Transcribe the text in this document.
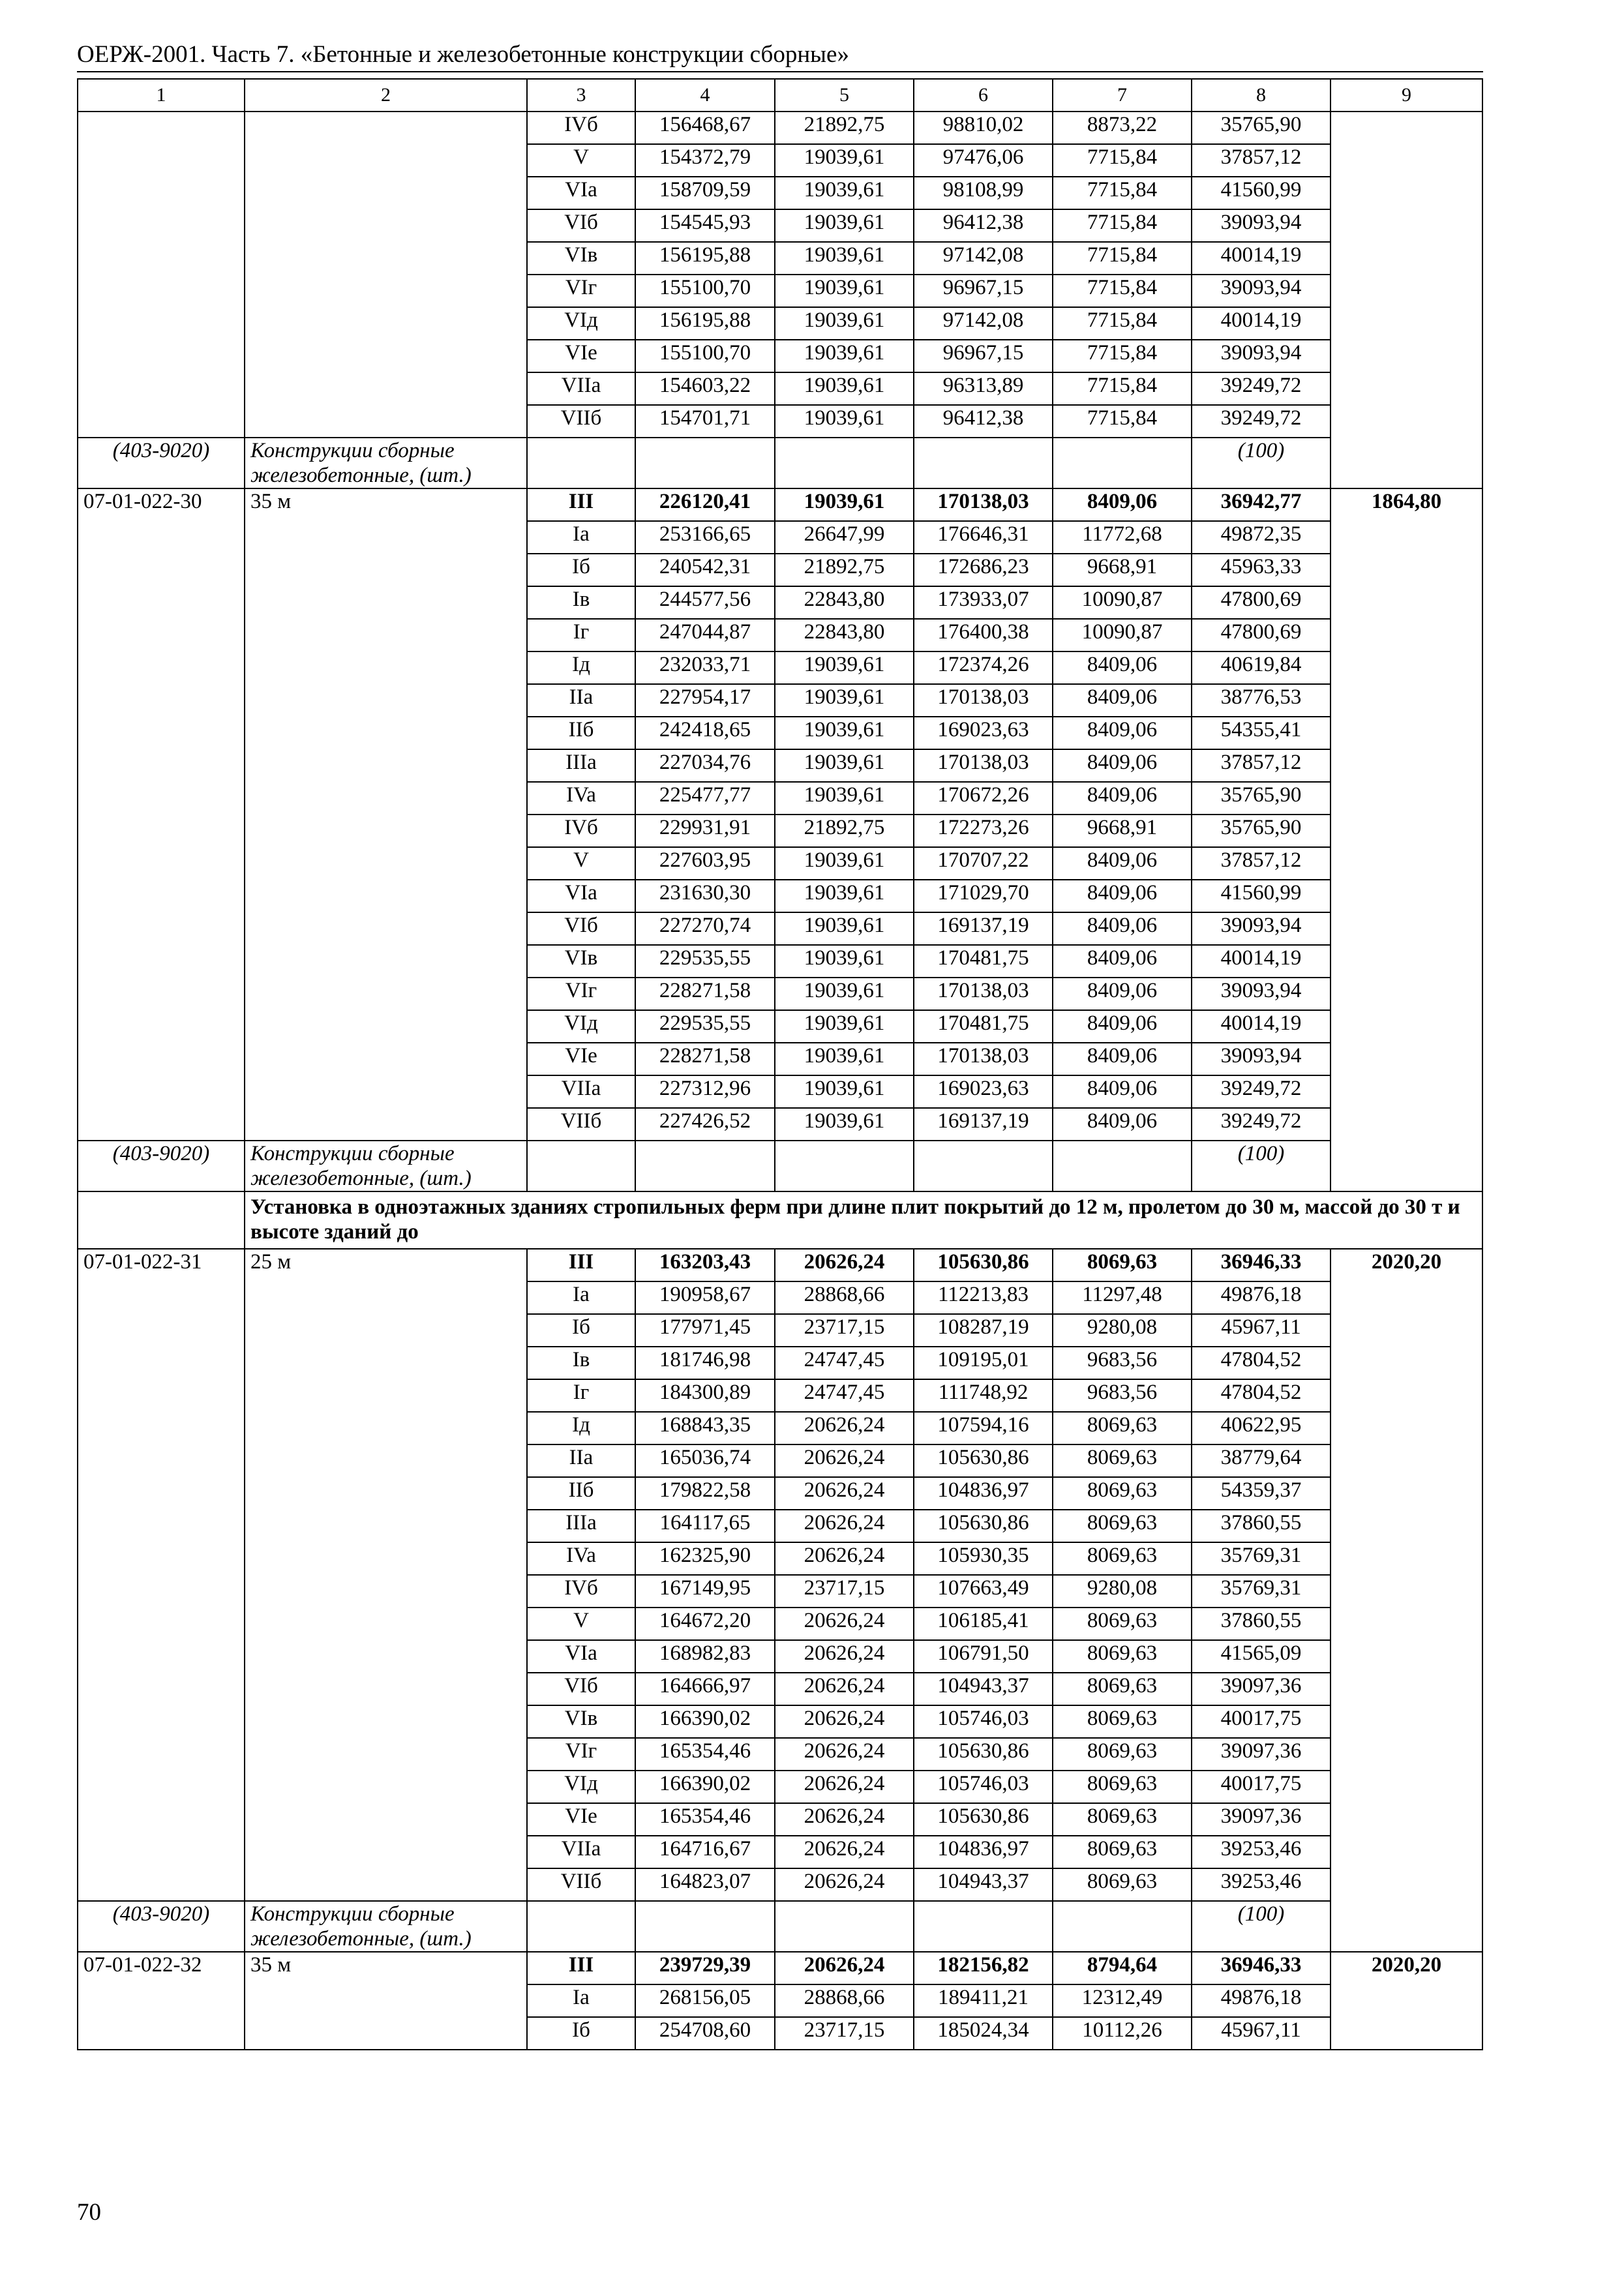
ОЕРЖ-2001. Часть 7. «Бетонные и железобетонные конструкции сборные»
1	2	3	4	5	6	7	8	9
		IVб	156468,67	21892,75	98810,02	8873,22	35765,90	
		V	154372,79	19039,61	97476,06	7715,84	37857,12	
		VIa	158709,59	19039,61	98108,99	7715,84	41560,99	
		VIб	154545,93	19039,61	96412,38	7715,84	39093,94	
		VIв	156195,88	19039,61	97142,08	7715,84	40014,19	
		VIг	155100,70	19039,61	96967,15	7715,84	39093,94	
		VIд	156195,88	19039,61	97142,08	7715,84	40014,19	
		VIе	155100,70	19039,61	96967,15	7715,84	39093,94	
		VIIa	154603,22	19039,61	96313,89	7715,84	39249,72	
		VIIб	154701,71	19039,61	96412,38	7715,84	39249,72	
(403-9020)	Конструкции сборные железобетонные, (шт.)						(100)	
07-01-022-30	35 м	III	226120,41	19039,61	170138,03	8409,06	36942,77	1864,80
		Ia	253166,65	26647,99	176646,31	11772,68	49872,35	
		Iб	240542,31	21892,75	172686,23	9668,91	45963,33	
		Iв	244577,56	22843,80	173933,07	10090,87	47800,69	
		Iг	247044,87	22843,80	176400,38	10090,87	47800,69	
		Iд	232033,71	19039,61	172374,26	8409,06	40619,84	
		IIa	227954,17	19039,61	170138,03	8409,06	38776,53	
		IIб	242418,65	19039,61	169023,63	8409,06	54355,41	
		IIIa	227034,76	19039,61	170138,03	8409,06	37857,12	
		IVa	225477,77	19039,61	170672,26	8409,06	35765,90	
		IVб	229931,91	21892,75	172273,26	9668,91	35765,90	
		V	227603,95	19039,61	170707,22	8409,06	37857,12	
		VIa	231630,30	19039,61	171029,70	8409,06	41560,99	
		VIб	227270,74	19039,61	169137,19	8409,06	39093,94	
		VIв	229535,55	19039,61	170481,75	8409,06	40014,19	
		VIг	228271,58	19039,61	170138,03	8409,06	39093,94	
		VIд	229535,55	19039,61	170481,75	8409,06	40014,19	
		VIе	228271,58	19039,61	170138,03	8409,06	39093,94	
		VIIa	227312,96	19039,61	169023,63	8409,06	39249,72	
		VIIб	227426,52	19039,61	169137,19	8409,06	39249,72	
(403-9020)	Конструкции сборные железобетонные, (шт.)						(100)	
	Установка в одноэтажных зданиях стропильных ферм при длине плит покрытий до 12 м, пролетом до 30 м, массой до 30 т и высоте зданий до							
07-01-022-31	25 м	III	163203,43	20626,24	105630,86	8069,63	36946,33	2020,20
		Ia	190958,67	28868,66	112213,83	11297,48	49876,18	
		Iб	177971,45	23717,15	108287,19	9280,08	45967,11	
		Iв	181746,98	24747,45	109195,01	9683,56	47804,52	
		Iг	184300,89	24747,45	111748,92	9683,56	47804,52	
		Iд	168843,35	20626,24	107594,16	8069,63	40622,95	
		IIa	165036,74	20626,24	105630,86	8069,63	38779,64	
		IIб	179822,58	20626,24	104836,97	8069,63	54359,37	
		IIIa	164117,65	20626,24	105630,86	8069,63	37860,55	
		IVa	162325,90	20626,24	105930,35	8069,63	35769,31	
		IVб	167149,95	23717,15	107663,49	9280,08	35769,31	
		V	164672,20	20626,24	106185,41	8069,63	37860,55	
		VIa	168982,83	20626,24	106791,50	8069,63	41565,09	
		VIб	164666,97	20626,24	104943,37	8069,63	39097,36	
		VIв	166390,02	20626,24	105746,03	8069,63	40017,75	
		VIг	165354,46	20626,24	105630,86	8069,63	39097,36	
		VIд	166390,02	20626,24	105746,03	8069,63	40017,75	
		VIе	165354,46	20626,24	105630,86	8069,63	39097,36	
		VIIa	164716,67	20626,24	104836,97	8069,63	39253,46	
		VIIб	164823,07	20626,24	104943,37	8069,63	39253,46	
(403-9020)	Конструкции сборные железобетонные, (шт.)						(100)	
07-01-022-32	35 м	III	239729,39	20626,24	182156,82	8794,64	36946,33	2020,20
		Ia	268156,05	28868,66	189411,21	12312,49	49876,18	
		Iб	254708,60	23717,15	185024,34	10112,26	45967,11	
70
